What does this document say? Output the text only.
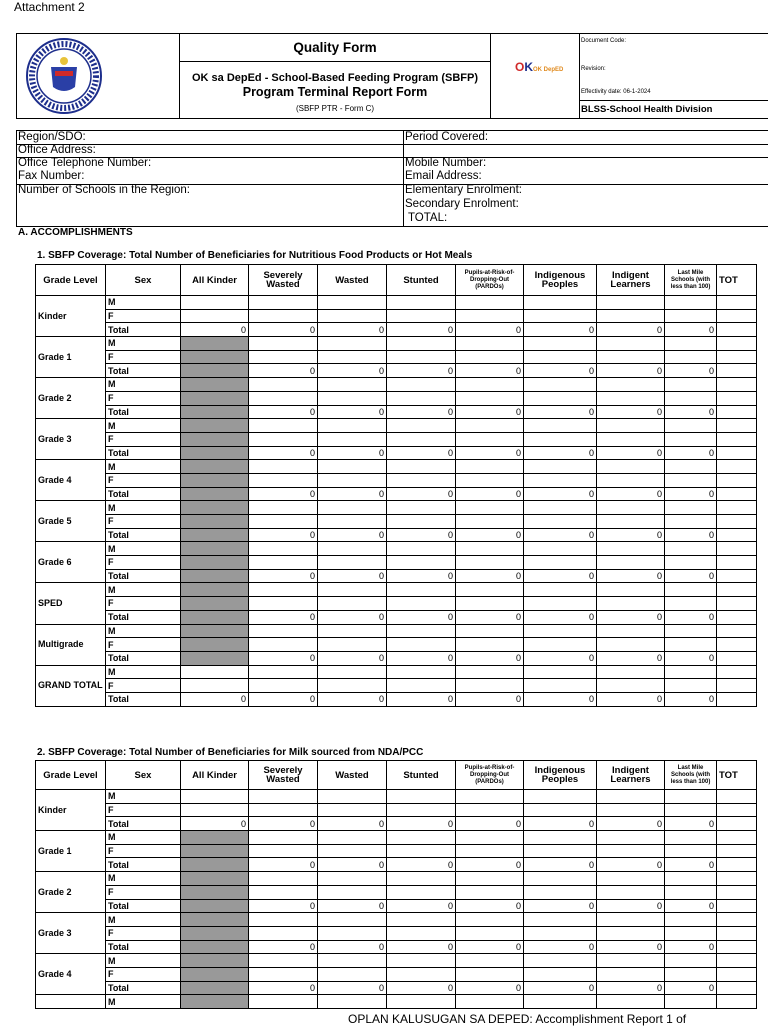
Attachment 2
Quality Form
OK sa DepEd - School-Based Feeding Program (SBFP)
Program Terminal Report Form
(SBFP PTR - Form C)
OKOK DepED
Document Code:
Revision:
Effectivity date: 06-1-2024
BLSS-School Health Division
Region/SDO:	Period Covered:
Office Address:
Office Telephone Number:	Mobile Number:
Fax Number:	Email Address:
Number of Schools in the Region:	Elementary Enrolment:
Secondary Enrolment:
TOTAL:
A. ACCOMPLISHMENTS
1. SBFP Coverage: Total Number of Beneficiaries for Nutritious Food Products or Hot Meals
2. SBFP Coverage: Total Number of Beneficiaries for Milk sourced from NDA/PCC
Grade Level	Sex	All Kinder	Severely Wasted	Wasted	Stunted	Pupils-at-Risk-of-Dropping-Out (PARDOs)	Indigenous Peoples	Indigent Learners	Last Mile Schools (with less than 100)	TOT
Kinder	M									
	F									
	Total	0	0	0	0	0	0	0	0	
Grade 1	M									
	F									
	Total		0	0	0	0	0	0	0	
Grade 2	M									
	F									
	Total		0	0	0	0	0	0	0	
Grade 3	M									
	F									
	Total		0	0	0	0	0	0	0	
Grade 4	M									
	F									
	Total		0	0	0	0	0	0	0	
Grade 5	M									
	F									
	Total		0	0	0	0	0	0	0	
Grade 6	M									
	F									
	Total		0	0	0	0	0	0	0	
SPED	M									
	F									
	Total		0	0	0	0	0	0	0	
Multigrade	M									
	F									
	Total		0	0	0	0	0	0	0	
GRAND TOTAL	M									
	F									
	Total	0	0	0	0	0	0	0	0	
Grade Level	Sex	All Kinder	Severely Wasted	Wasted	Stunted	Pupils-at-Risk-of-Dropping-Out (PARDOs)	Indigenous Peoples	Indigent Learners	Last Mile Schools (with less than 100)	TOT
Kinder	M									
	F									
	Total	0	0	0	0	0	0	0	0	
Grade 1	M									
	F									
	Total		0	0	0	0	0	0	0	
Grade 2	M									
	F									
	Total		0	0	0	0	0	0	0	
Grade 3	M									
	F									
	Total		0	0	0	0	0	0	0	
Grade 4	M									
	F									
	Total		0	0	0	0	0	0	0	
	M									
OPLAN KALUSUGAN SA DEPED: Accomplishment Report 1 of
